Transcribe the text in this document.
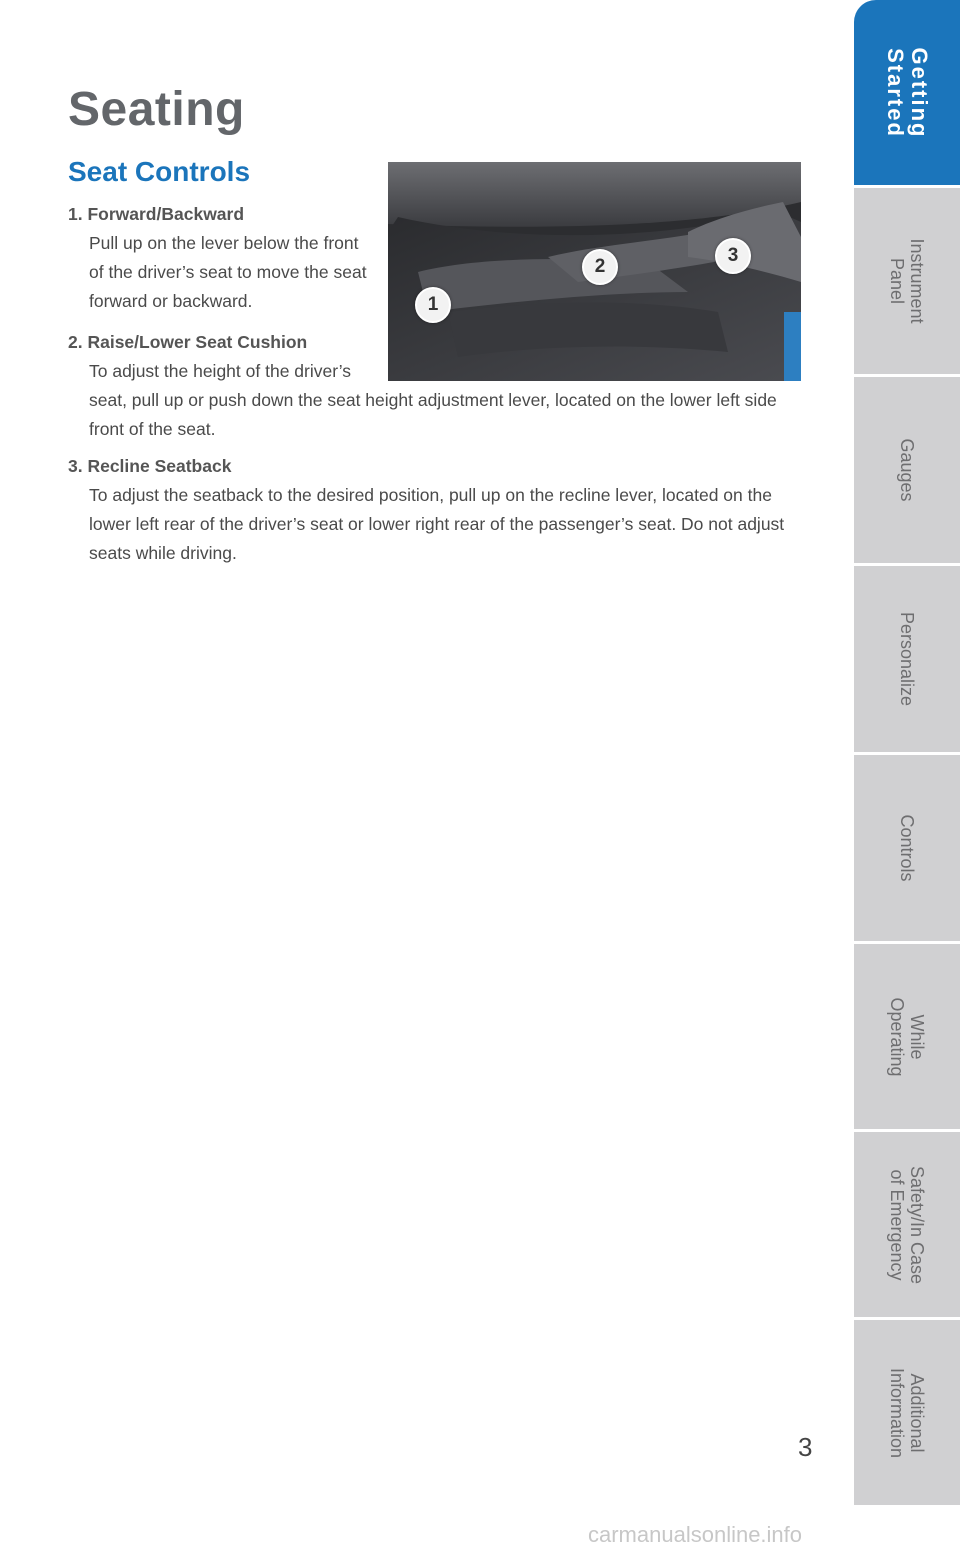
Seating
Seat Controls
1. Forward/Backward
Pull up on the lever below the front of the driver’s seat to move the seat forward or backward.
2. Raise/Lower Seat Cushion
To adjust the height of the driver’s seat, pull up or push down the seat height adjustment lever, located on the lower left side front of the seat.
3. Recline Seatback
To adjust the seatback to the desired position, pull up on the recline lever, located on the lower left rear of the driver’s seat or lower right rear of the passenger’s seat. Do not adjust seats while driving.
1
2
3
Getting
Started
Instrument
Panel
Gauges
Personalize
Controls
While
Operating
Safety/In Case
of Emergency
Additional
Information
3
carmanualsonline.info
